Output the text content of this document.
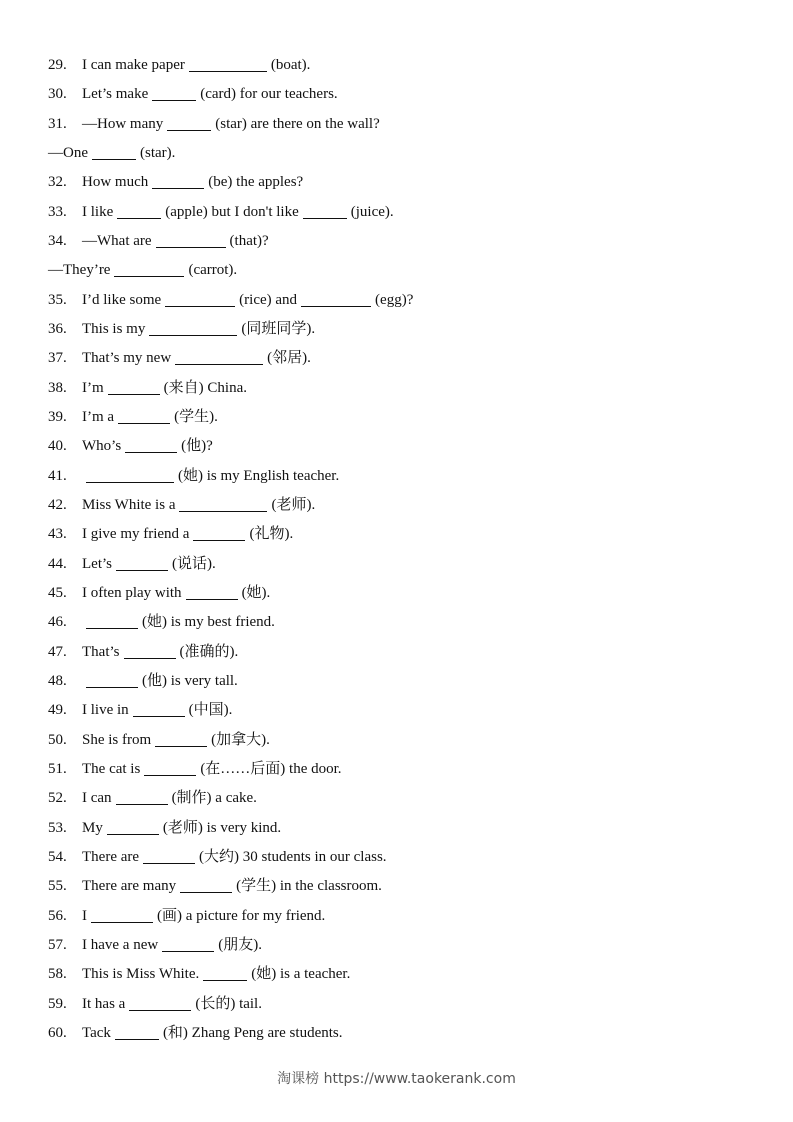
29. I can make paper	(boat).
30. Let’s make	(card) for our teachers.
31. —How many	(star) are there on the wall?
—One	(star).
32. How much	(be) the apples?
33. I like	(apple) but I don't like	(juice).
34. —What are	(that)?
—They’re	(carrot).
35. I’d like some	(rice) and	(egg)?
36. This is my	(同班同学).
37. That’s my new	(邻居).
38. I’m	(来自) China.
39. I’m a	(学生).
40. Who’s	(他)?
41.	(她) is my English teacher.
42. Miss White is a	(老师).
43. I give my friend a	(礼物).
44. Let’s	(说话).
45. I often play with	(她).
46.	(她) is my best friend.
47. That’s	(准确的).
48.	(他) is very tall.
49. I live in	(中国).
50. She is from	(加拿大).
51. The cat is	(在……后面) the door.
52. I can	(制作) a cake.
53. My	(老师) is very kind.
54. There are	(大约) 30 students in our class.
55. There are many	(学生) in the classroom.
56. I	(画) a picture for my friend.
57. I have a new	(朋友).
58. This is Miss White.	(她) is a teacher.
59. It has a	(长的) tail.
60. Tack	(和) Zhang Peng are students.
淘课榜 https://www.taokerank.com
